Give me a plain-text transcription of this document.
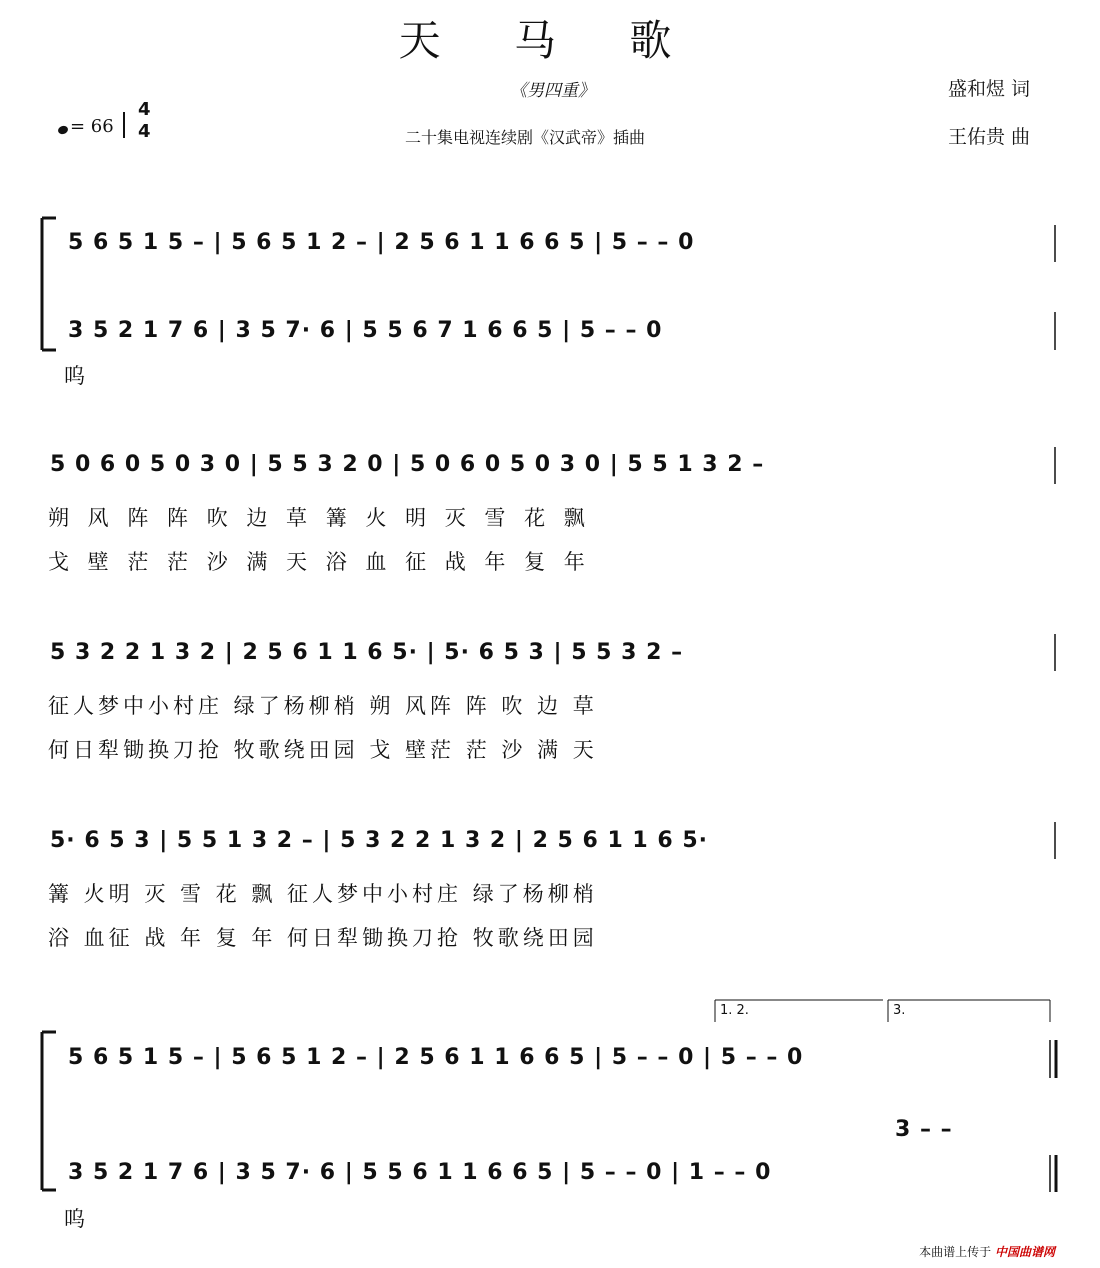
天 马 歌
《男四重》
二十集电视连续剧《汉武帝》插曲
盛和煜 词
王佑贵 曲
= 66
4
4
5 6 5 1 5 – | 5 6 5 1 2 – | 2 5 6 1 1 6 6 5 | 5 – – 0
3 5 2 1 7 6 | 3 5 7· 6 | 5 5 6 7 1 6 6 5 | 5 – – 0
呜
5 0 6 0 5 0 3 0 | 5 5 3 2 0 | 5 0 6 0 5 0 3 0 | 5 5 1 3 2 –
朔 风 阵 阵 吹 边 草 篝 火 明 灭 雪 花 飘
戈 壁 茫 茫 沙 满 天 浴 血 征 战 年 复 年
5 3 2 2 1 3 2 | 2 5 6 1 1 6 5· | 5· 6 5 3 | 5 5 3 2 –
征人梦中小村庄 绿了杨柳梢 朔 风阵 阵 吹 边 草
何日犁锄换刀抢 牧歌绕田园 戈 壁茫 茫 沙 满 天
5· 6 5 3 | 5 5 1 3 2 – | 5 3 2 2 1 3 2 | 2 5 6 1 1 6 5·
篝 火明 灭 雪 花 飘 征人梦中小村庄 绿了杨柳梢
浴 血征 战 年 复 年 何日犁锄换刀抢 牧歌绕田园
1. 2.	3.
5 6 5 1 5 – | 5 6 5 1 2 – | 2 5 6 1 1 6 6 5 | 5 – – 0 | 5 – – 0
3 – –
3 5 2 1 7 6 | 3 5 7· 6 | 5 5 6 1 1 6 6 5 | 5 – – 0 | 1 – – 0
呜
本曲谱上传于 中国曲谱网
